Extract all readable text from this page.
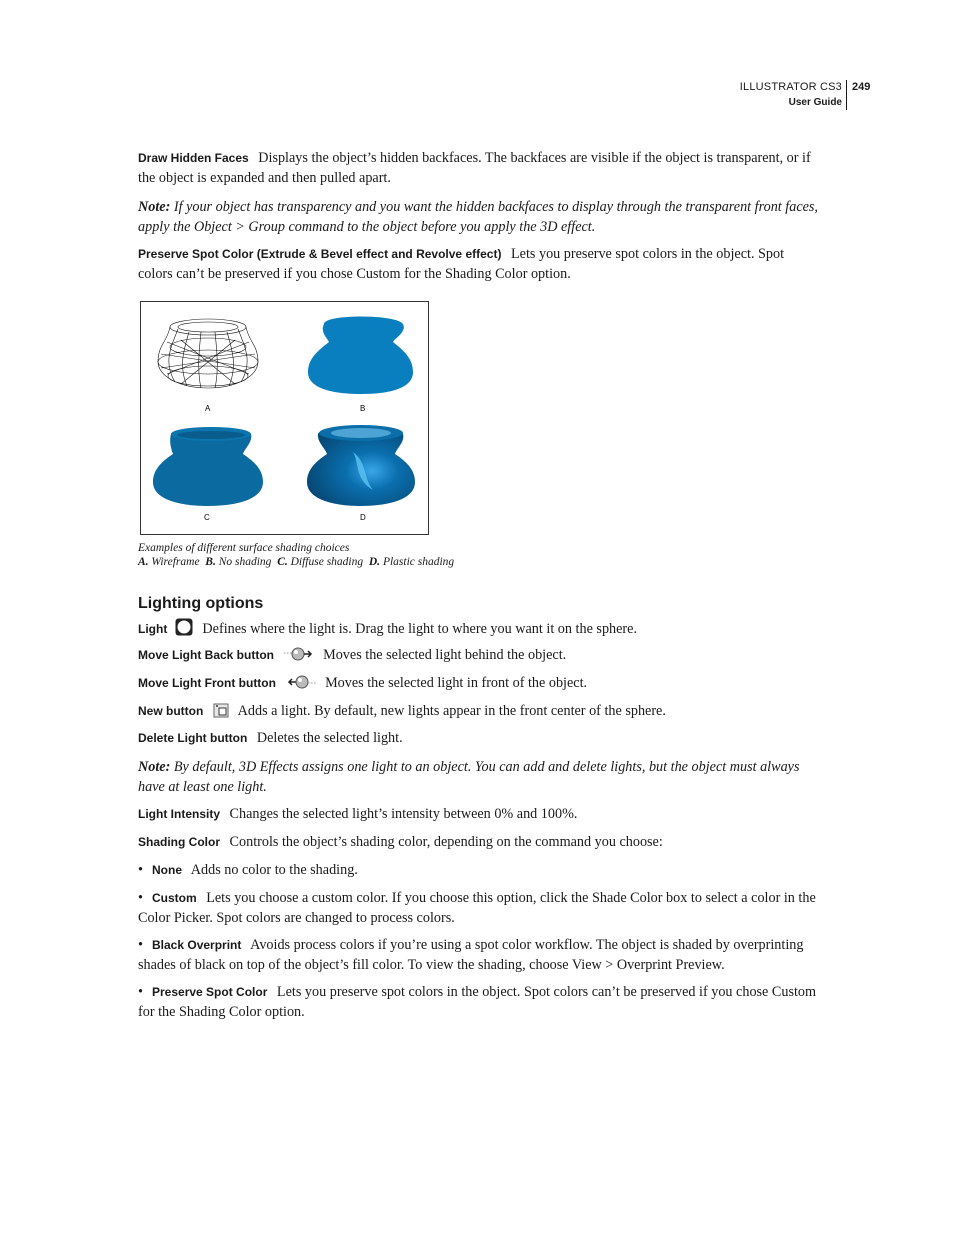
ILLUSTRATOR CS3
User Guide
249

Draw Hidden Faces Displays the object’s hidden backfaces. The backfaces are visible if the object is transparent, or if the object is expanded and then pulled apart.

Note: If your object has transparency and you want the hidden backfaces to display through the transparent front faces, apply the Object > Group command to the object before you apply the 3D effect.

Preserve Spot Color (Extrude & Bevel effect and Revolve effect) Lets you preserve spot colors in the object. Spot colors can’t be preserved if you chose Custom for the Shading Color option.

A	B
C	D
Examples of different surface shading choices
A. Wireframe B. No shading C. Diffuse shading D. Plastic shading
Lighting options

Light Defines where the light is. Drag the light to where you want it on the sphere.

Move Light Back button	Moves the selected light behind the object.

Move Light Front button	Moves the selected light in front of the object.

New button Adds a light. By default, new lights appear in the front center of the sphere.

Delete Light button Deletes the selected light.

Note: By default, 3D Effects assigns one light to an object. You can add and delete lights, but the object must always have at least one light.

Light Intensity Changes the selected light’s intensity between 0% and 100%.

Shading Color Controls the object’s shading color, depending on the command you choose:

• None Adds no color to the shading.

• Custom Lets you choose a custom color. If you choose this option, click the Shade Color box to select a color in the Color Picker. Spot colors are changed to process colors.

• Black Overprint Avoids process colors if you’re using a spot color workflow. The object is shaded by overprinting shades of black on top of the object’s fill color. To view the shading, choose View > Overprint Preview.

• Preserve Spot Color Lets you preserve spot colors in the object. Spot colors can’t be preserved if you chose Custom for the Shading Color option.
